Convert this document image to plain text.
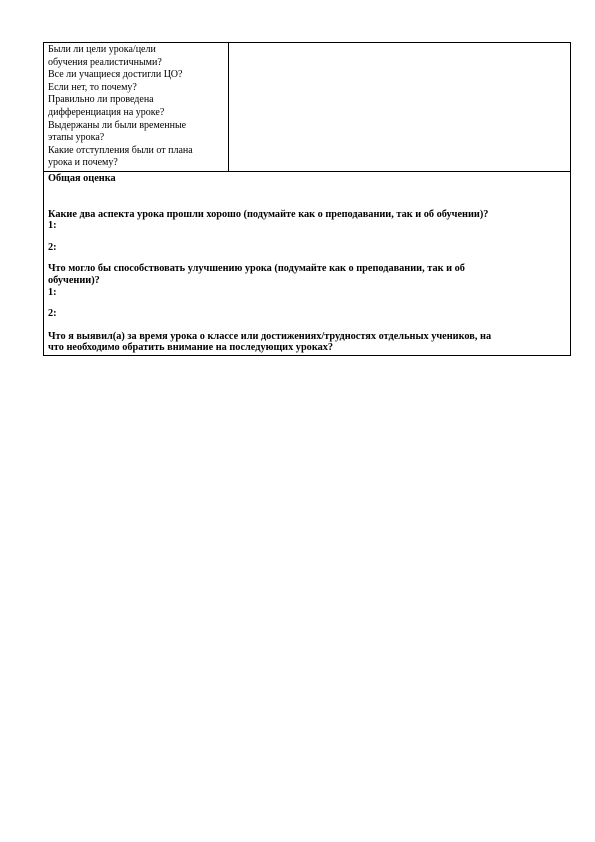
Были ли цели урока/цели
обучения реалистичными?
Все ли учащиеся достигли ЦО?
Если нет, то почему?
Правильно ли проведена
дифференциация на уроке?
Выдержаны ли были временные
этапы урока?
Какие отступления были от плана
урока и почему?

Общая оценка
Какие два аспекта урока прошли хорошо (подумайте как о преподавании, так и об обучении)?
1:
2:
Что могло бы способствовать улучшению урока (подумайте как о преподавании, так и об
обучении)?
1:
2:
Что я выявил(а) за время урока о классе или достижениях/трудностях отдельных учеников, на
что необходимо обратить внимание на последующих уроках?
